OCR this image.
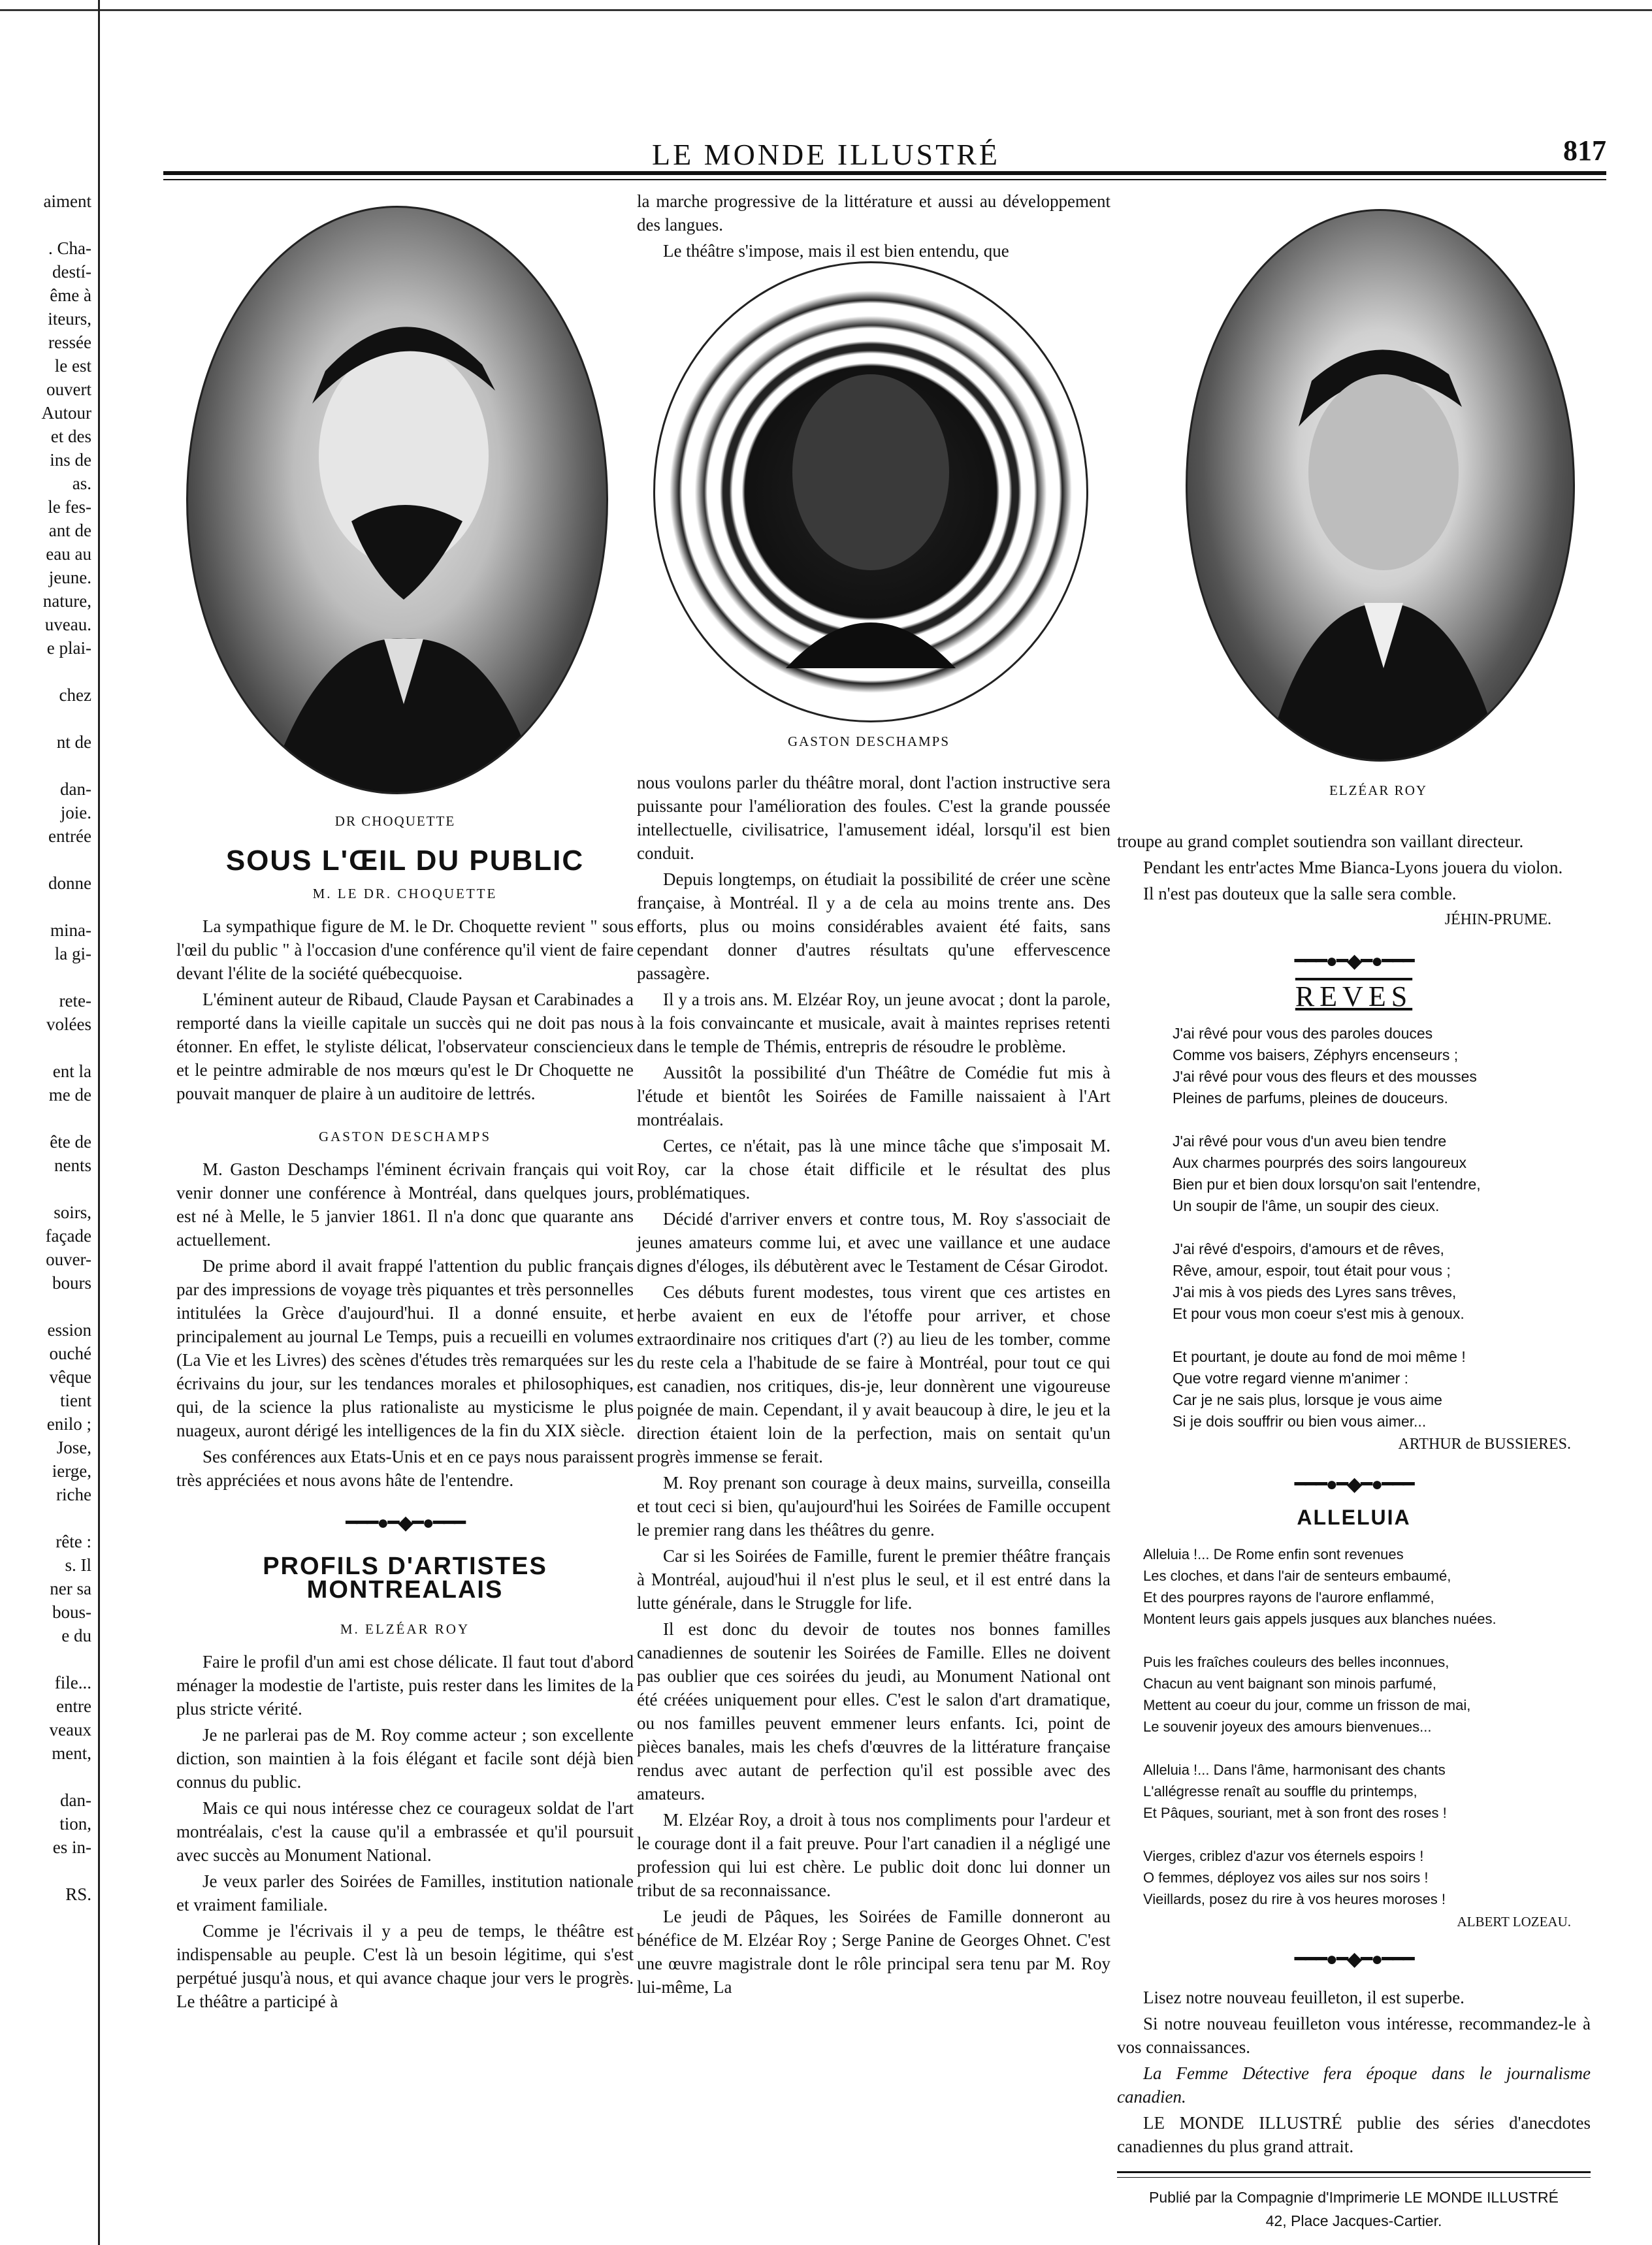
aiment

. Cha-
destí-
ême à
iteurs,
ressée
le est
ouvert
Autour
et des
ins de
as.
le fes-
ant de
eau au
jeune.
nature,
uveau.
e plai-

chez

nt de

dan-
joie.
entrée

donne

mina-
la gi-

rete-
volées

ent la
me de

ête de
nents

soirs,
façade
ouver-
bours

ession
ouché
vêque
tient
enilo ;
Jose,
ierge,
riche

rête :
s. Il
ner sa
bous-
e du

file...
entre
veaux
ment,

dan-
tion,
es in-

RS.
LE MONDE ILLUSTRÉ	817
DR CHOQUETTE
GASTON DESCHAMPS
ELZÉAR ROY
SOUS L'ŒIL DU PUBLIC
M. LE DR. CHOQUETTE

La sympathique figure de M. le Dr. Choquette revient " sous l'œil du public " à l'occasion d'une conférence qu'il vient de faire devant l'élite de la société québecquoise.

L'éminent auteur de Ribaud, Claude Paysan et Carabinades a remporté dans la vieille capitale un succès qui ne doit pas nous étonner. En effet, le styliste délicat, l'observateur consciencieux et le peintre admirable de nos mœurs qu'est le Dr Choquette ne pouvait manquer de plaire à un auditoire de lettrés.

GASTON DESCHAMPS

M. Gaston Deschamps l'éminent écrivain français qui voit venir donner une conférence à Montréal, dans quelques jours, est né à Melle, le 5 janvier 1861. Il n'a donc que quarante ans actuellement.

De prime abord il avait frappé l'attention du public français par des impressions de voyage très piquantes et très personnelles intitulées la Grèce d'aujourd'hui. Il a donné ensuite, et principalement au journal Le Temps, puis a recueilli en volumes (La Vie et les Livres) des scènes d'études très remarquées sur les écrivains du jour, sur les tendances morales et philosophiques, qui, de la science la plus rationaliste au mysticisme le plus nuageux, auront dérigé les intelligences de la fin du XIX siècle.

Ses conférences aux Etats-Unis et en ce pays nous paraissent très appréciées et nous avons hâte de l'entendre.

━━━●━◆━●━━━
PROFILS D'ARTISTES MONTREALAIS
M. ELZÉAR ROY

Faire le profil d'un ami est chose délicate. Il faut tout d'abord ménager la modestie de l'artiste, puis rester dans les limites de la plus stricte vérité.

Je ne parlerai pas de M. Roy comme acteur ; son excellente diction, son maintien à la fois élégant et facile sont déjà bien connus du public.

Mais ce qui nous intéresse chez ce courageux soldat de l'art montréalais, c'est la cause qu'il a embrassée et qu'il poursuit avec succès au Monument National.

Je veux parler des Soirées de Familles, institution nationale et vraiment familiale.

Comme je l'écrivais il y a peu de temps, le théâtre est indispensable au peuple. C'est là un besoin légitime, qui s'est perpétué jusqu'à nous, et qui avance chaque jour vers le progrès. Le théâtre a participé à

la marche progressive de la littérature et aussi au développement des langues.

Le théâtre s'impose, mais il est bien entendu, que

nous voulons parler du théâtre moral, dont l'action instructive sera puissante pour l'amélioration des foules. C'est la grande poussée intellectuelle, civilisatrice, l'amusement idéal, lorsqu'il est bien conduit.

Depuis longtemps, on étudiait la possibilité de créer une scène française, à Montréal. Il y a de cela au moins trente ans. Des efforts, plus ou moins considérables avaient été faits, sans cependant donner d'autres résultats qu'une effervescence passagère.

Il y a trois ans. M. Elzéar Roy, un jeune avocat ; dont la parole, à la fois convaincante et musicale, avait à maintes reprises retenti dans le temple de Thémis, entrepris de résoudre le problème.

Aussitôt la possibilité d'un Théâtre de Comédie fut mis à l'étude et bientôt les Soirées de Famille naissaient à l'Art montréalais.

Certes, ce n'était, pas là une mince tâche que s'imposait M. Roy, car la chose était difficile et le résultat des plus problématiques.

Décidé d'arriver envers et contre tous, M. Roy s'associait de jeunes amateurs comme lui, et avec une vaillance et une audace dignes d'éloges, ils débutèrent avec le Testament de César Girodot.

Ces débuts furent modestes, tous virent que ces artistes en herbe avaient en eux de l'étoffe pour arriver, et chose extraordinaire nos critiques d'art (?) au lieu de les tomber, comme du reste cela a l'habitude de se faire à Montréal, pour tout ce qui est canadien, nos critiques, dis-je, leur donnèrent une vigoureuse poignée de main. Cependant, il y avait beaucoup à dire, le jeu et la direction étaient loin de la perfection, mais on sentait qu'un progrès immense se ferait.

M. Roy prenant son courage à deux mains, surveilla, conseilla et tout ceci si bien, qu'aujourd'hui les Soirées de Famille occupent le premier rang dans les théâtres du genre.

Car si les Soirées de Famille, furent le premier théâtre français à Montréal, aujoud'hui il n'est plus le seul, et il est entré dans la lutte générale, dans le Struggle for life.

Il est donc du devoir de toutes nos bonnes familles canadiennes de soutenir les Soirées de Famille. Elles ne doivent pas oublier que ces soirées du jeudi, au Monument National ont été créées uniquement pour elles. C'est le salon d'art dramatique, ou nos familles peuvent emmener leurs enfants. Ici, point de pièces banales, mais les chefs d'œuvres de la littérature française rendus avec autant de perfection qu'il est possible avec des amateurs.

M. Elzéar Roy, a droit à tous nos compliments pour l'ardeur et le courage dont il a fait preuve. Pour l'art canadien il a négligé une profession qui lui est chère. Le public doit donc lui donner un tribut de sa reconnaissance.

Le jeudi de Pâques, les Soirées de Famille donneront au bénéfice de M. Elzéar Roy ; Serge Panine de Georges Ohnet. C'est une œuvre magistrale dont le rôle principal sera tenu par M. Roy lui-même, La

troupe au grand complet soutiendra son vaillant directeur.

Pendant les entr'actes Mme Bianca-Lyons jouera du violon.

Il n'est pas douteux que la salle sera comble.

JÉHIN-PRUME.
━━━●━◆━●━━━
REVES
J'ai rêvé pour vous des paroles douces
Comme vos baisers, Zéphyrs encenseurs ;
J'ai rêvé pour vous des fleurs et des mousses
Pleines de parfums, pleines de douceurs.

J'ai rêvé pour vous d'un aveu bien tendre
Aux charmes pourprés des soirs langoureux
Bien pur et bien doux lorsqu'on sait l'entendre,
Un soupir de l'âme, un soupir des cieux.

J'ai rêvé d'espoirs, d'amours et de rêves,
Rêve, amour, espoir, tout était pour vous ;
J'ai mis à vos pieds des Lyres sans trêves,
Et pour vous mon coeur s'est mis à genoux.

Et pourtant, je doute au fond de moi même !
Que votre regard vienne m'animer :
Car je ne sais plus, lorsque je vous aime
Si je dois souffrir ou bien vous aimer...
ARTHUR de BUSSIERES.
━━━●━◆━●━━━
ALLELUIA
Alleluia !... De Rome enfin sont revenues
Les cloches, et dans l'air de senteurs embaumé,
Et des pourpres rayons de l'aurore enflammé,
Montent leurs gais appels jusques aux blanches nuées.

Puis les fraîches couleurs des belles inconnues,
Chacun au vent baignant son minois parfumé,
Mettent au coeur du jour, comme un frisson de mai,
Le souvenir joyeux des amours bienvenues...

Alleluia !... Dans l'âme, harmonisant des chants
L'allégresse renaît au souffle du printemps,
Et Pâques, souriant, met à son front des roses !

Vierges, criblez d'azur vos éternels espoirs !
O femmes, déployez vos ailes sur nos soirs !
Vieillards, posez du rire à vos heures moroses !
ALBERT LOZEAU.
━━━●━◆━●━━━

Lisez notre nouveau feuilleton, il est superbe.

Si notre nouveau feuilleton vous intéresse, recommandez-le à vos connaissances.

La Femme Détective fera époque dans le journalisme canadien.

LE MONDE ILLUSTRÉ publie des séries d'anecdotes canadiennes du plus grand attrait.

Publié par la Compagnie d'Imprimerie LE MONDE ILLUSTRÉ
42, Place Jacques-Cartier.
